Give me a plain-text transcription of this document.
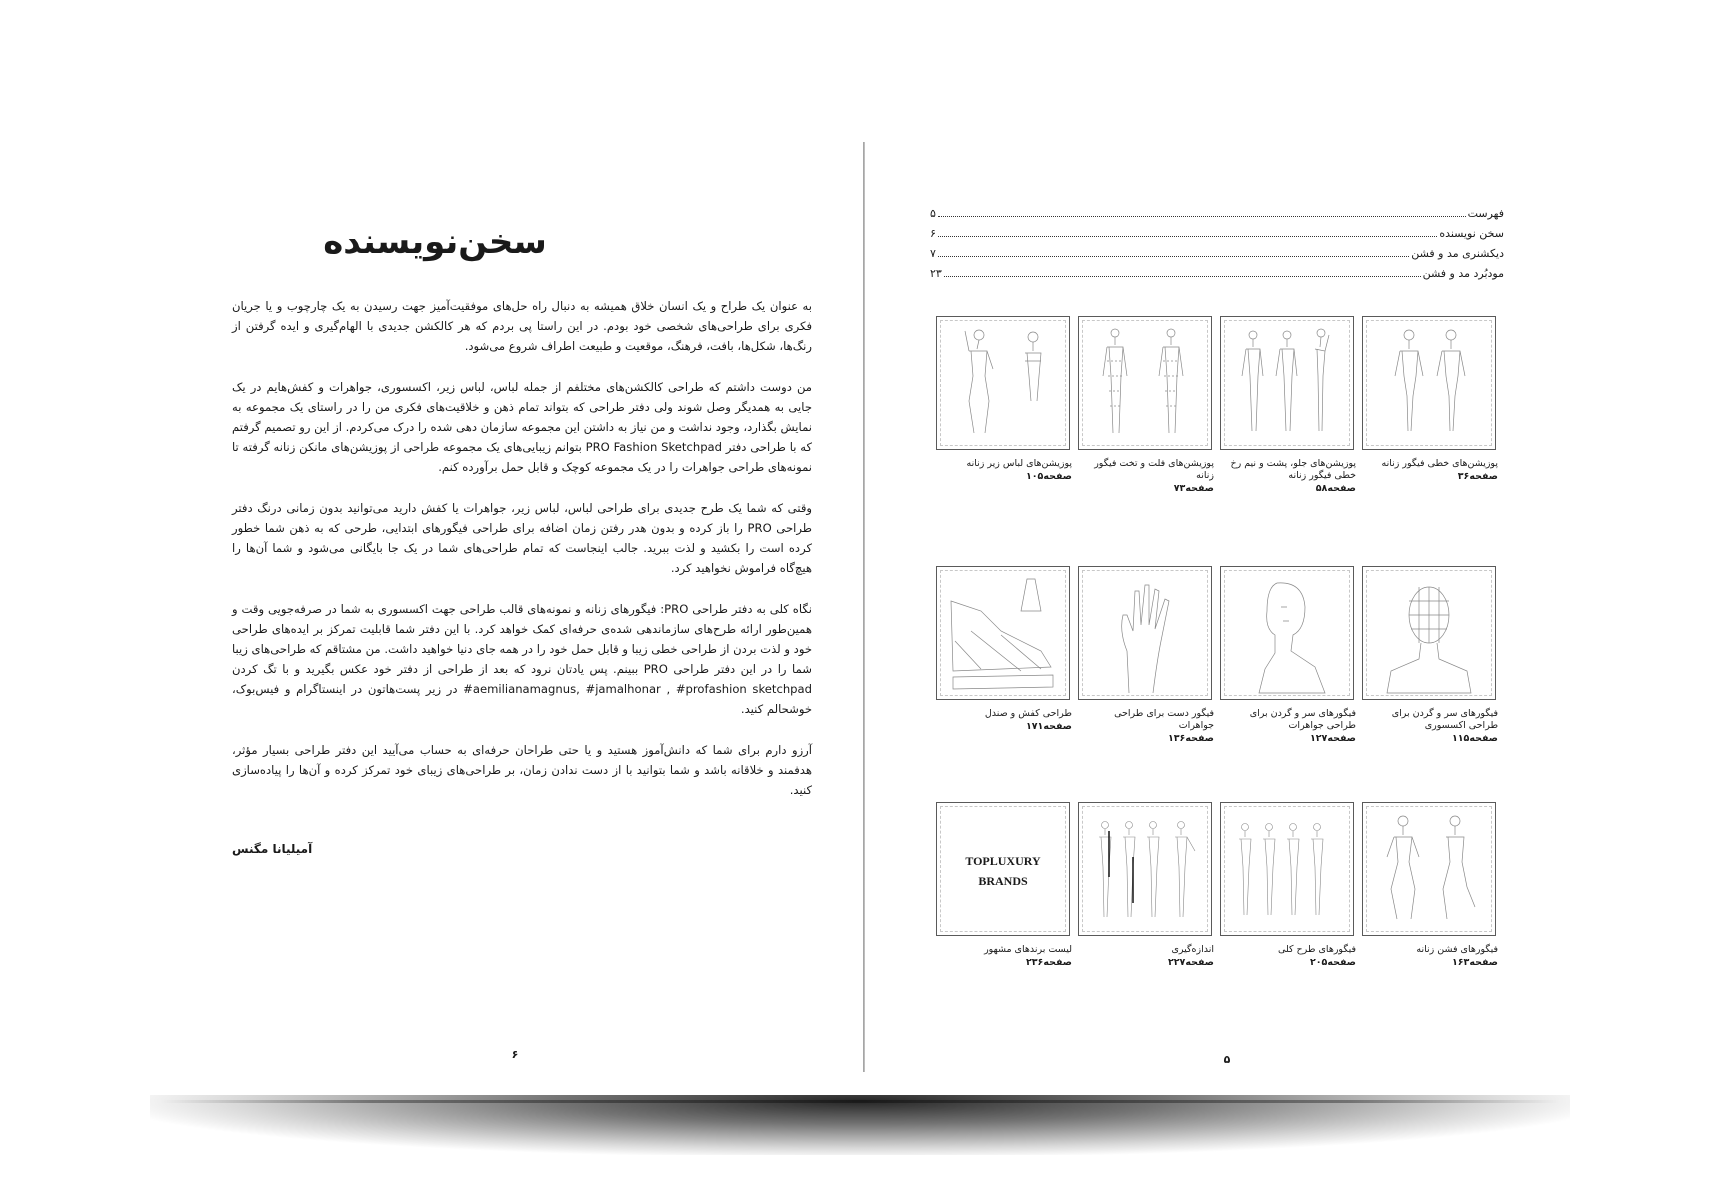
سخن‌نویسنده

به عنوان یک طراح و یک انسان خلاق همیشه به دنبال راه حل‌های موفقیت‌آمیز جهت رسیدن به یک چارچوب و یا جریان فکری برای طراحی‌های شخصی خود بودم. در این راستا پی بردم که هر کالکشن جدیدی با الهام‌گیری و ایده گرفتن از رنگ‌ها، شکل‌ها، بافت، فرهنگ، موقعیت و طبیعت اطراف شروع می‌شود.

من دوست داشتم که طراحی کالکشن‌های مختلفم از جمله لباس، لباس زیر، اکسسوری، جواهرات و کفش‌هایم در یک جایی به همدیگر وصل شوند ولی دفتر طراحی که بتواند تمام ذهن و خلاقیت‌های فکری من را در راستای یک مجموعه به نمایش بگذارد، وجود نداشت و من نیاز به داشتن این مجموعه سازمان دهی شده را درک می‌کردم. از این رو تصمیم گرفتم که با طراحی دفتر PRO Fashion Sketchpad بتوانم زیبایی‌های یک مجموعه طراحی از پوزیشن‌های مانکن زنانه گرفته تا نمونه‌های طراحی جواهرات را در یک مجموعه کوچک و قابل حمل برآورده کنم.

وقتی که شما یک طرح جدیدی برای طراحی لباس، لباس زیر، جواهرات یا کفش دارید می‌توانید بدون زمانی درنگ دفتر طراحی PRO را باز کرده و بدون هدر رفتن زمان اضافه برای طراحی فیگورهای ابتدایی، طرحی که به ذهن شما خطور کرده است را بکشید و لذت ببرید. جالب اینجاست که تمام طراحی‌های شما در یک جا بایگانی می‌شود و شما آن‌ها را هیچ‌گاه فراموش نخواهید کرد.

نگاه کلی به دفتر طراحی PRO: فیگورهای زنانه و نمونه‌های قالب طراحی جهت اکسسوری به شما در صرفه‌جویی وقت و همین‌طور ارائه طرح‌های سازماندهی شده‌ی حرفه‌ای کمک خواهد کرد. با این دفتر شما قابلیت تمرکز بر ایده‌های طراحی خود و لذت بردن از طراحی خطی زیبا و قابل حمل خود را در همه جای دنیا خواهید داشت. من مشتاقم که طراحی‌های زیبا شما را در این دفتر طراحی PRO ببینم. پس یادتان نرود که بعد از طراحی از دفتر خود عکس بگیرید و با تگ کردن aemilianamagnus, #jamalhonar , #profashion sketchpad# در زیر پست‌هاتون در اینستاگرام و فیس‌بوک، خوشحالم کنید.

آرزو دارم برای شما که دانش‌آموز هستید و یا حتی طراحان حرفه‌ای به حساب می‌آیید این دفتر طراحی بسیار مؤثر، هدفمند و خلاقانه باشد و شما بتوانید با از دست ندادن زمان، بر طراحی‌های زیبای خود تمرکز کرده و آن‌ها را پیاده‌سازی کنید.

آمیلیانا مگنس
۶
فهرست
۵
سخن نویسنده
۶
دیکشنری مد و فشن
۷
مودبُرد مد و فشن
۲۳
پوزیشن‌های خطی فیگور زنانه
صفحه۳۶
پوزیشن‌های جلو، پشت و نیم رخ خطی فیگور زنانه
صفحه۵۸
پوزیشن‌های فلت و تخت فیگور زنانه
صفحه۷۳
پوزیشن‌های لباس زیر زنانه
صفحه۱۰۵
فیگورهای سر و گردن برای طراحی اکسسوری
صفحه۱۱۵
فیگورهای سر و گردن برای طراحی جواهرات
صفحه۱۲۷
فیگور دست برای طراحی جواهرات
صفحه۱۳۶
طراحی کفش و صندل
صفحه۱۷۱
فیگورهای فشن زنانه
صفحه۱۶۳
فیگورهای طرح کلی
صفحه۲۰۵
اندازه‌گیری
صفحه۲۲۷
TOPLUXURY
BRANDS
لیست برندهای مشهور
صفحه۲۳۶
۵
